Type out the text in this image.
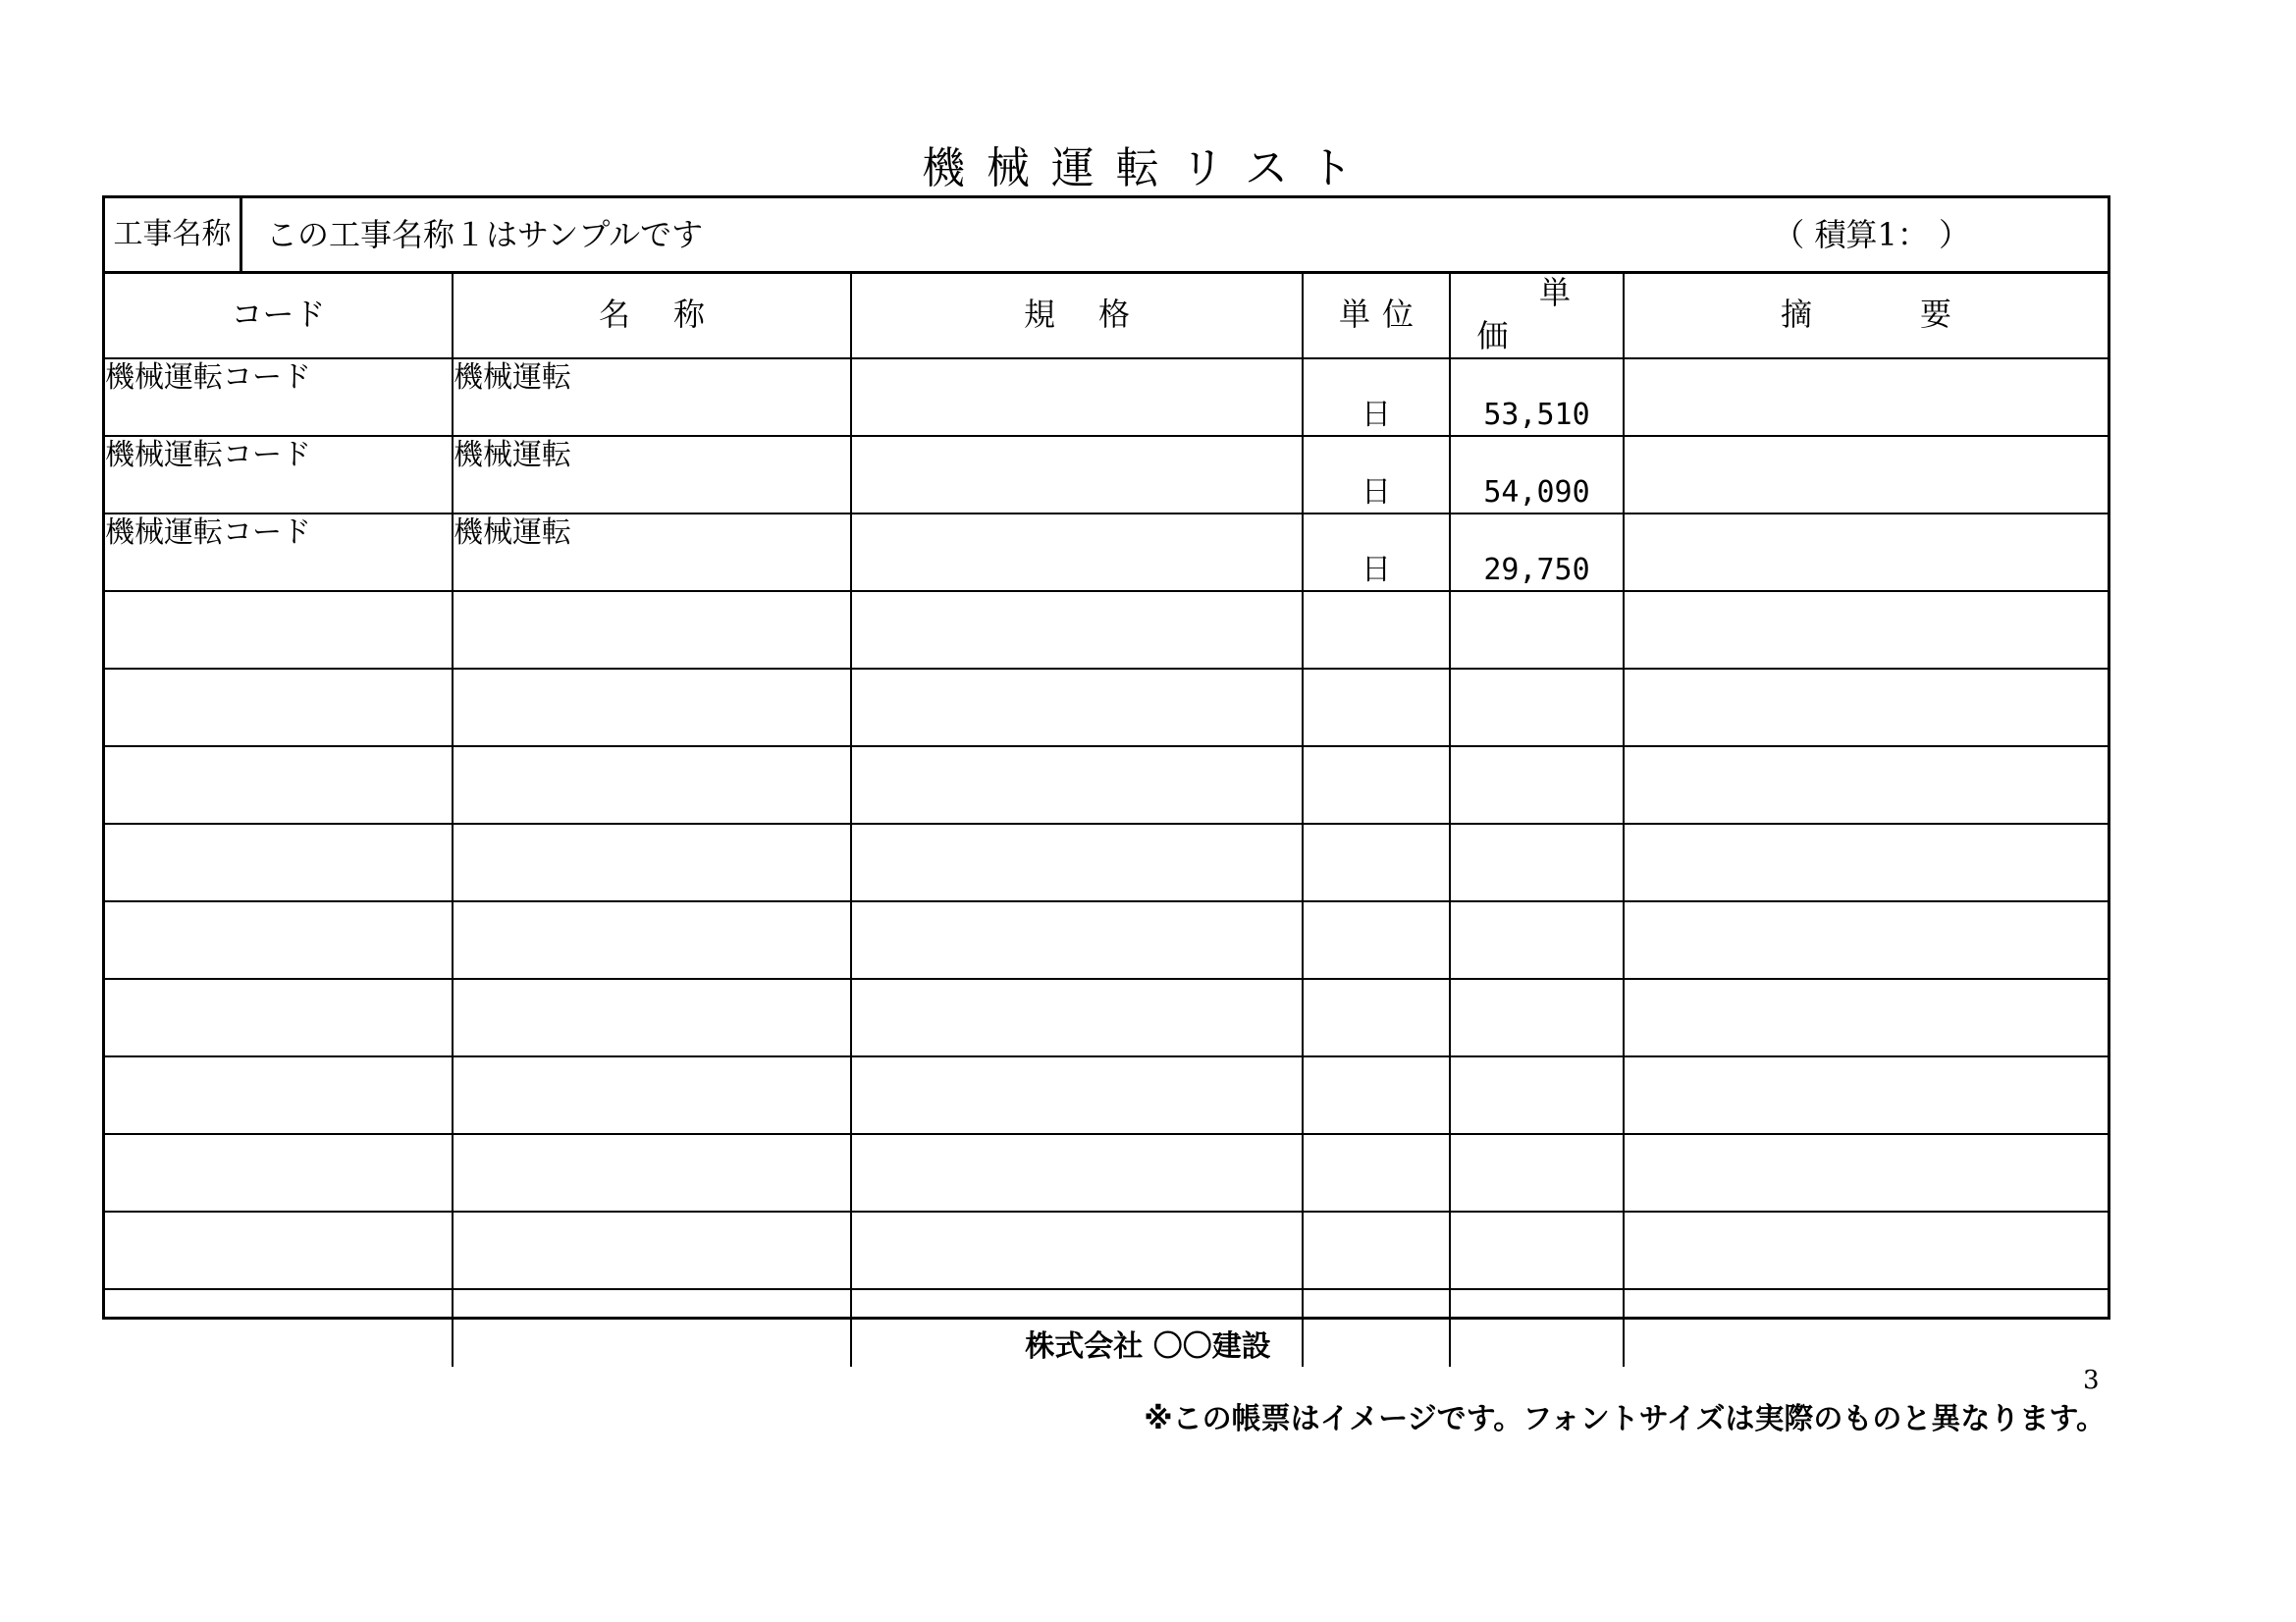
機械運転リスト
工事名称	この工事名称１はサンプルです	（ 積算1： ）
コード	名称	規格	単位	単価	摘要
機械運転コード	機械運転		日	53,510	
機械運転コード	機械運転		日	54,090	
機械運転コード	機械運転		日	29,750	

株式会社 〇〇建設
3
※この帳票はイメージです。フォントサイズは実際のものと異なります。
